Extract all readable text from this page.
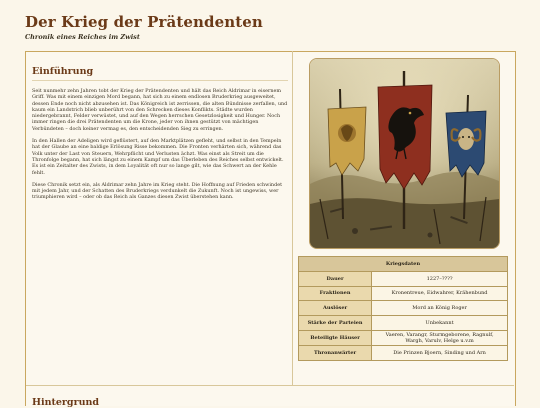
Der Krieg der Prätendenten
Chronik eines Reiches im Zwist
Einführung

Seit nunmehr zehn Jahren tobt der Krieg der Prätendenten und hält das Reich Aldrimar in eisernem Griff. Was mit einem einzigen Mord begann, hat sich zu einem endlosen Bruderkrieg ausgeweitet, dessen Ende noch nicht abzusehen ist. Das Königreich ist zerrissen, die alten Bündnisse zerfallen, und kaum ein Landstrich blieb unberührt von den Schrecken dieses Konflikts. Städte wurden niedergebrannt, Felder verwüstet, und auf den Wegen herrschen Gesetzlosigkeit und Hunger. Noch immer ringen die drei Prätendenten um die Krone, jeder von ihnen gestützt von mächtigen Verbündeten – doch keiner vermag es, den entscheidenden Sieg zu erringen.

In den Hallen der Adeligen wird geflüstert, auf den Marktplätzen gefleht, und selbst in den Tempeln hat der Glaube an eine baldige Erlösung Risse bekommen. Die Fronten verhärten sich, während das Volk unter der Last von Steuern, Wehrpflicht und Verlusten ächzt. Was einst als Streit um die Thronfolge begann, hat sich längst zu einem Kampf um das Überleben des Reiches selbst entwickelt. Es ist ein Zeitalter des Zwists, in dem Loyalität oft nur so lange gilt, wie das Schwert an der Kehle fehlt.

Diese Chronik setzt ein, als Aldrimar zehn Jahre im Krieg steht. Die Hoffnung auf Frieden schwindet mit jedem Jahr, und der Schatten des Bruderkriegs verdunkelt die Zukunft. Noch ist ungewiss, wer triumphieren wird – oder ob das Reich als Ganzes diesen Zwist überstehen kann.

Kriegsdaten	
Dauer	1227–????
Fraktionen	Kronentreue, Eidwahrer, Krähenbund
Auslöser	Mord an König Roger
Stärke der Parteien	Unbekannt
Beteiligte Häuser	Vaeren, Varangr, Sturmgeborene, Ragnulf, Wargh, Varulv, Helge u.v.m
Thronanwärter	Die Prinzen Bjoern, Sinding und Arn
Hintergrund
